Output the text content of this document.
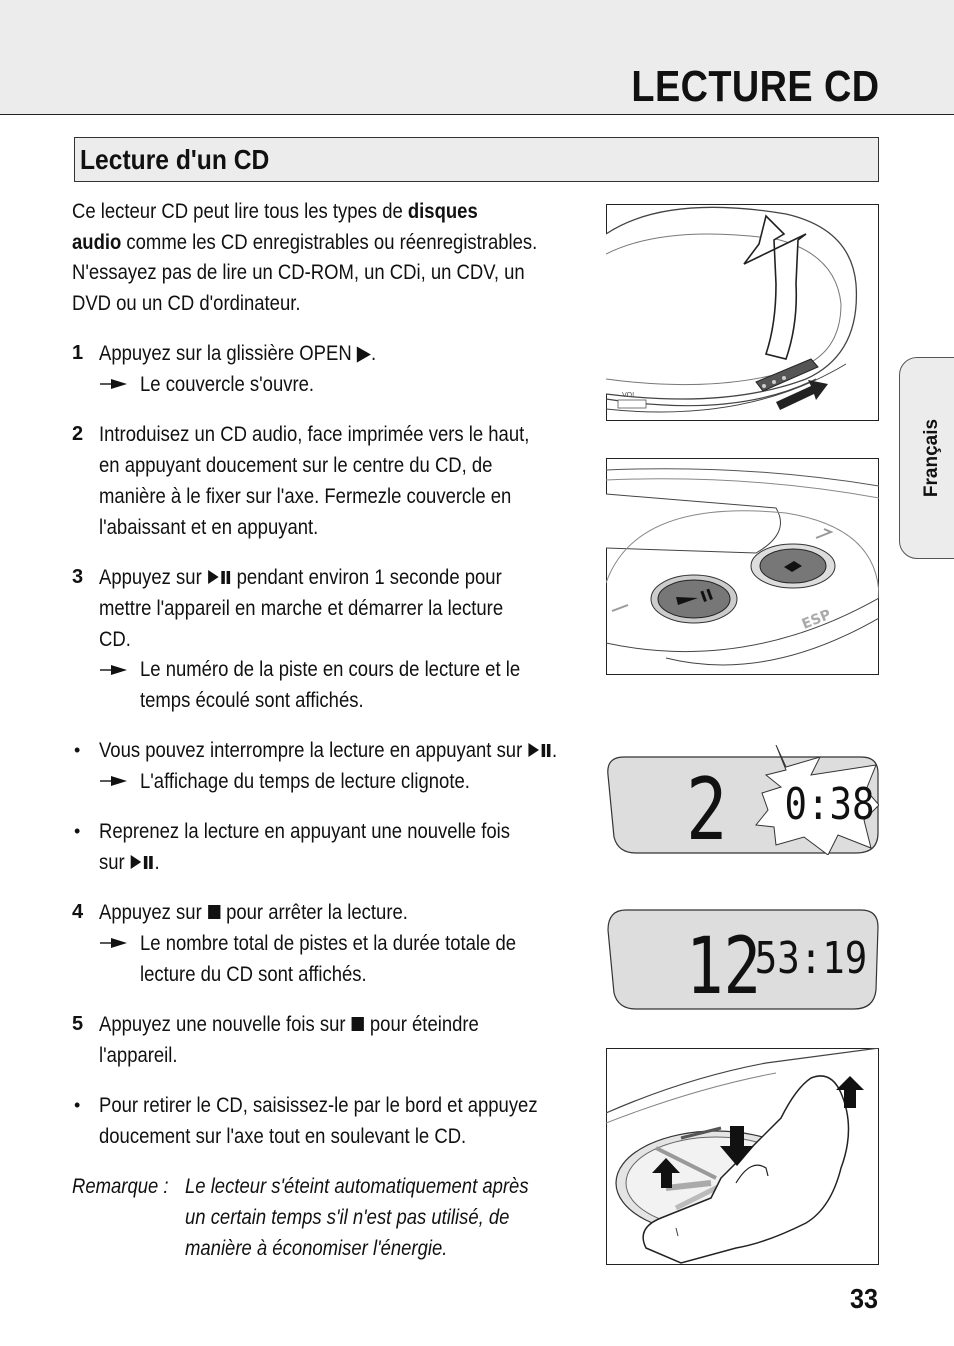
LECTURE CD
Lecture d'un CD
Français
Ce lecteur CD peut lire tous les types de disques
audio comme les CD enregistrables ou réenregistrables.
N'essayez pas de lire un CD-ROM, un CDi, un CDV, un
DVD ou un CD d'ordinateur.
1 Appuyez sur la glissière OPEN ▶.
Le couvercle s'ouvre.
2 Introduisez un CD audio, face imprimée vers le haut,
en appuyant doucement sur le centre du CD, de
manière à le fixer sur l'axe. Fermezle couvercle en
l'abaissant et en appuyant.
3 Appuyez sur  pendant environ 1 seconde pour
mettre l'appareil en marche et démarrer la lecture
CD.
Le numéro de la piste en cours de lecture et le
temps écoulé sont affichés.
• Vous pouvez interrompre la lecture en appuyant sur .
L'affichage du temps de lecture clignote.
• Reprenez la lecture en appuyant une nouvelle fois
sur .
4 Appuyez sur  pour arrêter la lecture.
Le nombre total de pistes et la durée totale de
lecture du CD sont affichés.
5 Appuyez une nouvelle fois sur  pour éteindre
l'appareil.
• Pour retirer le CD, saisissez-le par le bord et appuyez
doucement sur l'axe tout en soulevant le CD.
Remarque : Le lecteur s'éteint automatiquement après
un certain temps s'il n'est pas utilisé, de
manière à économiser l'énergie.
VOL
ESP
2 0:38
12
53:19
33
